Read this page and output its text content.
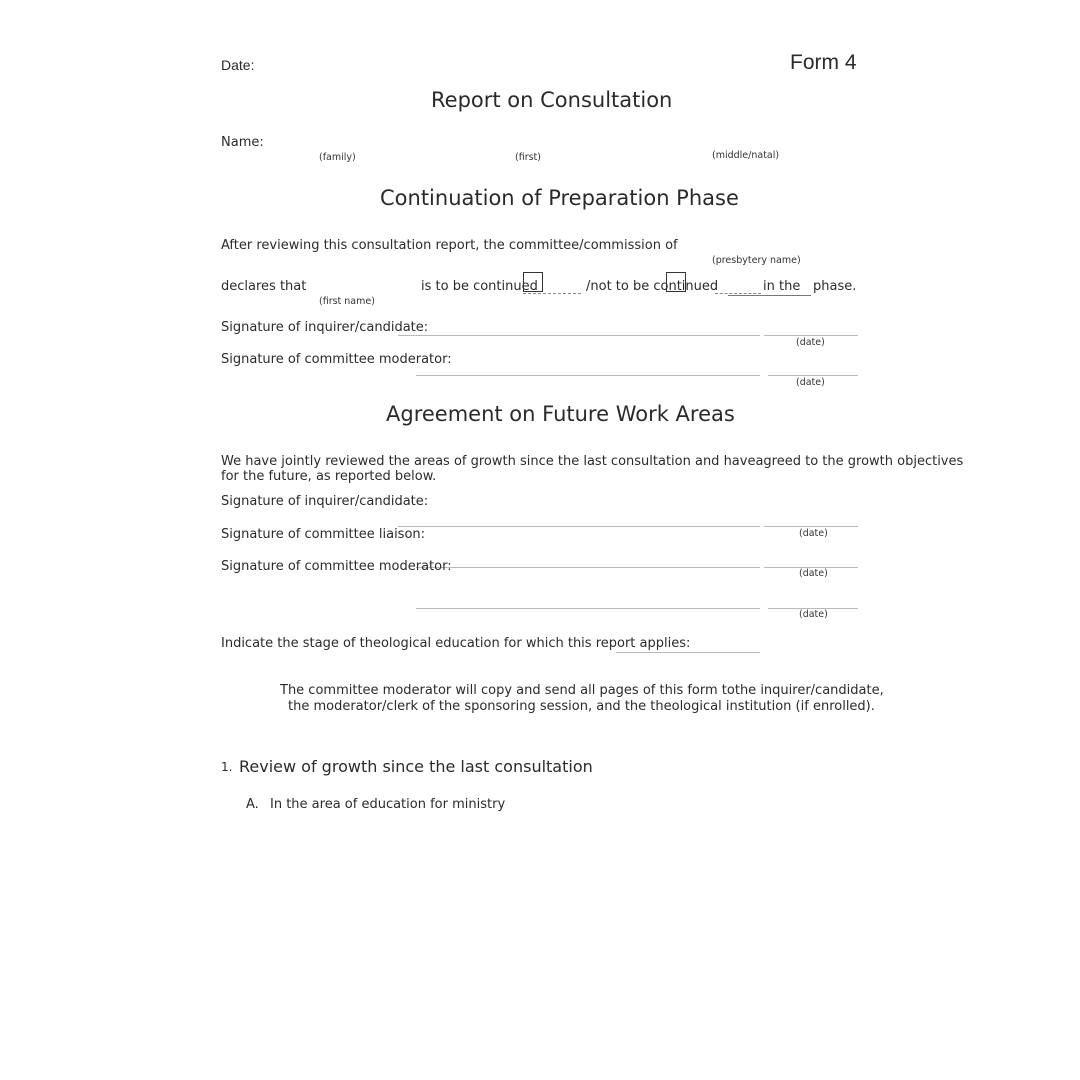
Date:	Form 4
Report on Consultation
Name:
(family)	(first)	(middle/natal)
Continuation of Preparation Phase
After reviewing this consultation report, the committee/commission of
(presbytery name)
declares that
(first name)
is to be continued	/not to be continued	in the phase.
Signature of inquirer/candidate:
(date)
Signature of committee moderator:
(date)
Agreement on Future Work Areas
We have jointly reviewed the areas of growth since the last consultation and haveagreed to the growth objectives
for the future, as reported below.
Signature of inquirer/candidate:
(date)
Signature of committee liaison:
(date)
Signature of committee moderator:
(date)
Indicate the stage of theological education for which this report applies:
The committee moderator will copy and send all pages of this form tothe inquirer/candidate,
the moderator/clerk of the sponsoring session, and the theological institution (if enrolled).
1. Review of growth since the last consultation
A. In the area of education for ministry
